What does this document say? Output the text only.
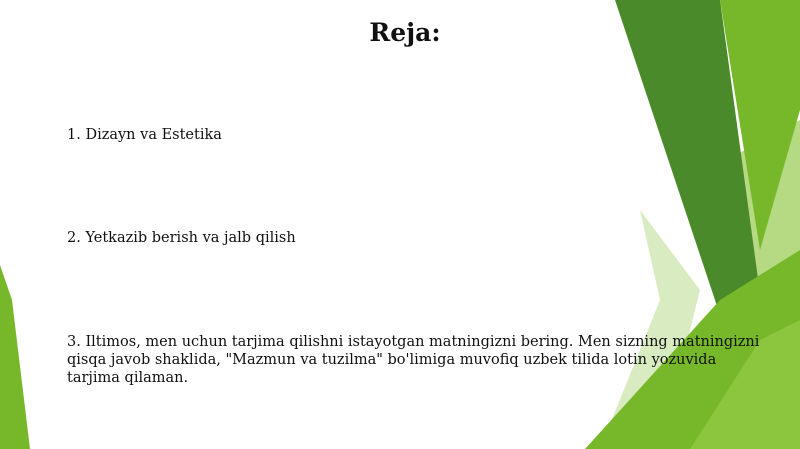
Reja:
1. Dizayn va Estetika
2. Yetkazib berish va jalb qilish
3. Iltimos, men uchun tarjima qilishni istayotgan matningizni bering. Men sizning matningizni qisqa javob shaklida, "Mazmun va tuzilma" bo'limiga muvofiq uzbek tilida lotin yozuvida tarjima qilaman.
